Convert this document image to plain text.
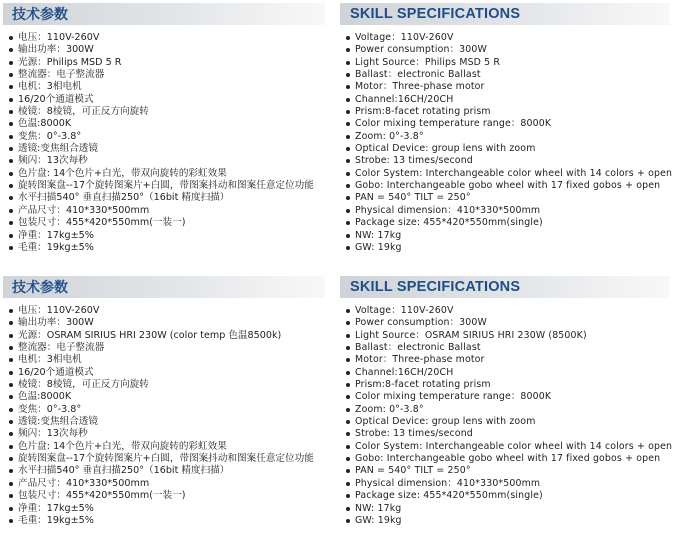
技术参数
电压：110V-260V
输出功率：300W
光源：Philips MSD 5 R
整流器：电子整流器
电机：3相电机
16/20个通道模式
棱镜：8棱镜，可正反方向旋转
色温:8000K
变焦：0°-3.8°
透镜:变焦组合透镜
频闪：13次每秒
色片盘: 14个色片+白光，带双向旋转的彩虹效果
旋转图案盘--17个旋转图案片+白圆，带图案抖动和图案任意定位功能
水平扫描540° 垂直扫描250°（16bit 精度扫描）
产品尺寸：410*330*500mm
包装尺寸：455*420*550mm(一装一)
净重：17kg±5%
毛重：19kg±5%
SKILL SPECIFICATIONS
Voltage：110V-260V
Power consumption：300W
Light Source：Philips MSD 5 R
Ballast：electronic Ballast
Motor：Three-phase motor
Channel:16CH/20CH
Prism:8-facet rotating prism
Color mixing temperature range：8000K
Zoom: 0°-3.8°
Optical Device: group lens with zoom
Strobe: 13 times/second
Color System: Interchangeable color wheel with 14 colors + open
Gobo: Interchangeable gobo wheel with 17 fixed gobos + open
PAN = 540° TILT = 250°
Physical dimension：410*330*500mm
Package size: 455*420*550mm(single)
NW: 17kg
GW: 19kg
技术参数
电压：110V-260V
输出功率：300W
光源：OSRAM SIRIUS HRI 230W (color temp 色温8500k)
整流器：电子整流器
电机：3相电机
16/20个通道模式
棱镜：8棱镜，可正反方向旋转
色温:8000K
变焦：0°-3.8°
透镜:变焦组合透镜
频闪：13次每秒
色片盘: 14个色片+白光，带双向旋转的彩虹效果
旋转图案盘--17个旋转图案片+白圆，带图案抖动和图案任意定位功能
水平扫描540° 垂直扫描250°（16bit 精度扫描）
产品尺寸：410*330*500mm
包装尺寸：455*420*550mm(一装一)
净重：17kg±5%
毛重：19kg±5%
SKILL SPECIFICATIONS
Voltage：110V-260V
Power consumption：300W
Light Source：OSRAM SIRIUS HRI 230W (8500K)
Ballast：electronic Ballast
Motor：Three-phase motor
Channel:16CH/20CH
Prism:8-facet rotating prism
Color mixing temperature range：8000K
Zoom: 0°-3.8°
Optical Device: group lens with zoom
Strobe: 13 times/second
Color System: Interchangeable color wheel with 14 colors + open
Gobo: Interchangeable gobo wheel with 17 fixed gobos + open
PAN = 540° TILT = 250°
Physical dimension：410*330*500mm
Package size: 455*420*550mm(single)
NW: 17kg
GW: 19kg
